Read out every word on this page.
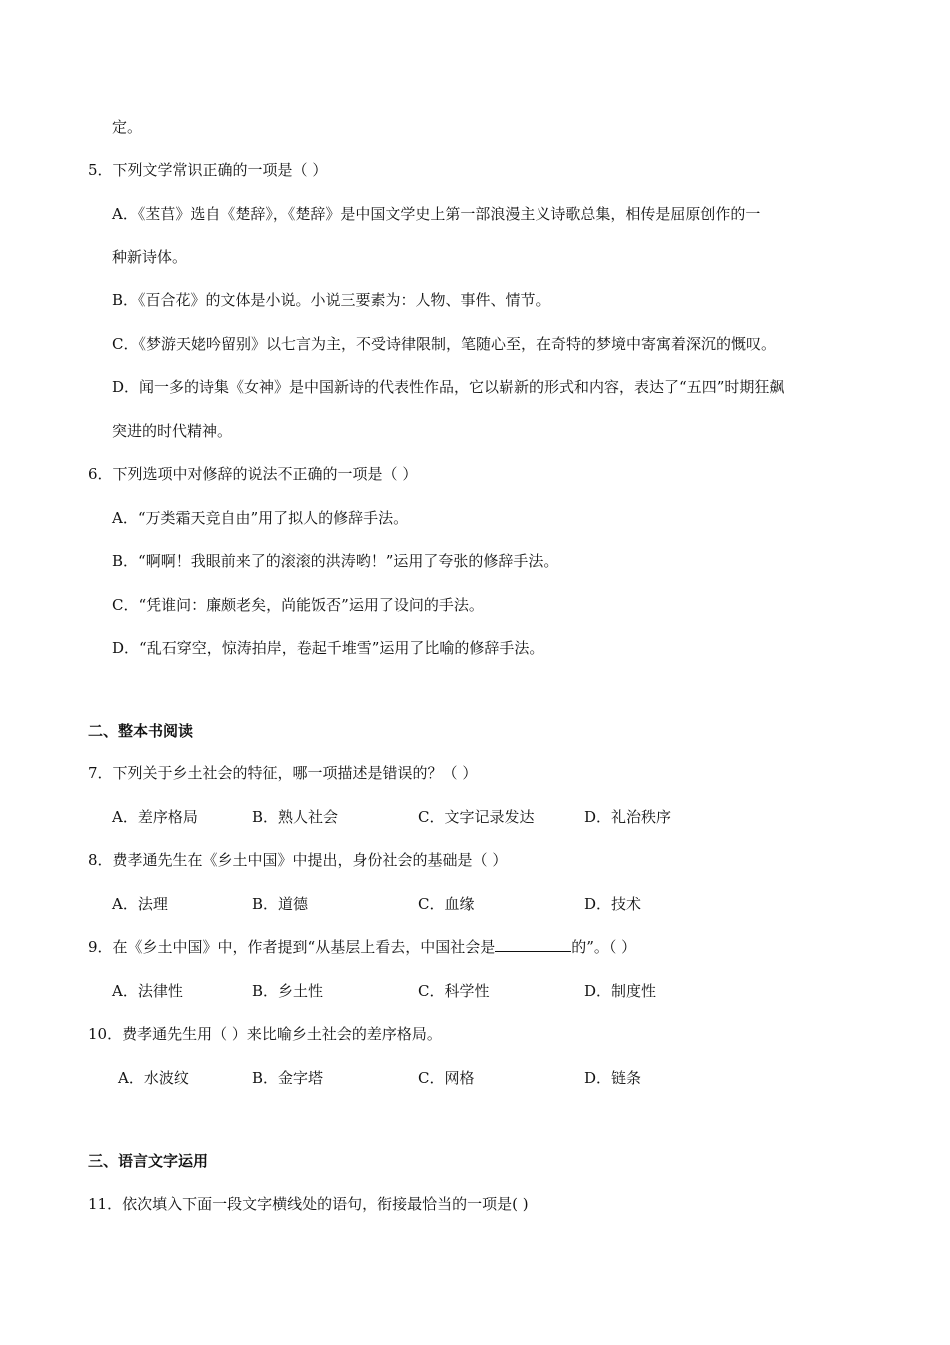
定。
5．下列文学常识正确的一项是（ ）
A．《苤苢》选自《楚辞》，《楚辞》是中国文学史上第一部浪漫主义诗歌总集，相传是屈原创作的一
种新诗体。
B．《百合花》的文体是小说。小说三要素为：人物、事件、情节。
C．《梦游天姥吟留别》以七言为主，不受诗律限制，笔随心至，在奇特的梦境中寄寓着深沉的慨叹。
D．闻一多的诗集《女神》是中国新诗的代表性作品，它以崭新的形式和内容，表达了“五四”时期狂飙
突进的时代精神。
6．下列选项中对修辞的说法不正确的一项是（ ）
A．“万类霜天竞自由”用了拟人的修辞手法。
B．“啊啊！我眼前来了的滚滚的洪涛哟！”运用了夸张的修辞手法。
C．“凭谁问：廉颇老矣，尚能饭否”运用了设问的手法。
D．“乱石穿空，惊涛拍岸，卷起千堆雪”运用了比喻的修辞手法。
二、整本书阅读
7．下列关于乡土社会的特征，哪一项描述是错误的？（ ）
A．差序格局	B．熟人社会	C．文字记录发达	D．礼治秩序
8．费孝通先生在《乡土中国》中提出，身份社会的基础是（ ）
A．法理	B．道德	C．血缘	D．技术
9．在《乡土中国》中，作者提到“从基层上看去，中国社会是	的”。（ ）
A．法律性	B．乡土性	C．科学性	D．制度性
10．费孝通先生用（ ）来比喻乡土社会的差序格局。
A．水波纹	B．金字塔	C．网格	D．链条
三、语言文字运用
11．依次填入下面一段文字横线处的语句，衔接最恰当的一项是( )
